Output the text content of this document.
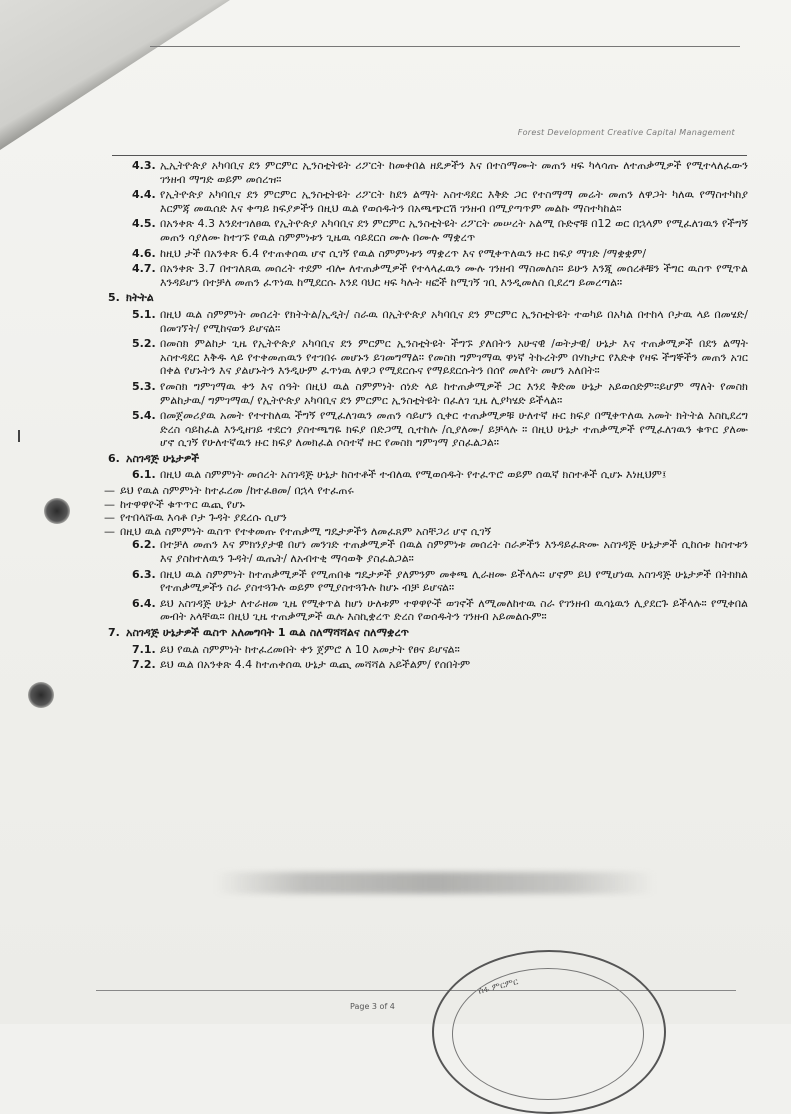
Forest Development Creative Capital Management
4.3. ኢኢትዮጵያ አካባቢና ደን ምርምር ኢንስቲትዩት ሪፖርት ከመቀበል ዘዴዎችን እና በተስማሙት መጠን ዛፍ ካላሳጡ ለተጠቃሚዎች የሚተላለፈውን ገንዘብ ማግድ ወይም መሰረዝ።
4.4. የኢትዮጵያ አካባቢና ደን ምርምር ኢንስቲትዩት ሪፖርት ከደን ልማት አስተዳደር እቅድ ጋር የተስማማ መሬት መጠን ለዋጋት ካለዉ የማስተካከያ እርምጃ መዉሰድ እና ቀጣይ ክፍያዎችን በዚህ ዉል የወሰዱትን በአጫጭርሽ ገንዘብ በሚያጣጥም መልኩ ማስተካከል።
4.5. በአንቀጽ 4.3 እንደተገለፀዉ የኢትዮጵያ አካባቢና ደን ምርምር ኢንስቲትዩት ሪፖርት መሠረት አልሚ ቡድኖቹ በ12 ወር በኋላም የሚፈለገዉን የችግኝ መጠን ሳያለሙ ከተገኙ የዉል ስምምነቱን ጊዜዉ ሳይደርስ ሙሉ በሙሉ ማቋረጥ
4.6. ከዚህ ታች በአንቀጽ 6.4 የተጠቀሰዉ ሆኖ ሲገኝ የዉል ስምምነቱን ማቋረጥ እና የሚቀጥለዉን ዙር ክፍያ ማገድ /ማቋቋም/
4.7. በአንቀጽ 3.7 በተገለጸዉ መሰረት ተደም ብሎ ለተጠቃሚዎች የተላላፈዉን ሙሉ ገንዘብ ማስመለስ። ይሁን እንጂ መሰረቶቹን ችግር ዉስጥ የሚጥል እንዳይሆን በተቻለ መጠን ፈጥነዉ ከሚደርሱ እንደ ባህር ዛፍ ካሉት ዛፎች ከሚገኝ ገቢ እንዲመለስ ቢደረግ ይመረጣል።
5. ክትትል
5.1. በዚህ ዉል ስምምነት መሰረት የክትትል/ኢዲት/ ስራዉ በኢትዮጵያ አካባቢና ደን ምርምር ኢንስቲትዩት ተወካይ በአካል በተከላ ቦታዉ ላይ በመሄድ/ በመገኘት/ የሚከናወን ይሆናል።
5.2. በመስክ ምልከታ ጊዜ የኢትዮጵያ አካባቢና ደን ምርምር ኢንስቲትዩት ችግኙ ያለበትን አሁናዊ /ወትታዊ/ ሁኔታ እና ተጠቃሚዎች በደን ልማት አስተዳደር እቅዱ ላይ የተቀመጠዉን የተገበሩ መሆኑን ይገመግማል። የመስክ ግምገማዉ ዋነኛ ትኩረትም በሃክታር የእድቀ የዛፍ ችግኞችን መጠን አገር በቀል የሆኑትን እና ያልሆኑትን እንዲሁም ፈጥነዉ ለዋጋ የሚደርሱና የማይደርሱትን በሰየ መለየት መሆን አለበት።
5.3. የመስክ ግምገማዉ ቀን እና ሰዓት በዚህ ዉል ስምምነት ሰነድ ላይ ከተጠቃሚዎች ጋር እንደ ቅድመ ሁኔታ አይወሰድም።ይሆም ማለት የመስክ ምልከታዉ/ ግምገማዉ/ የኢትዮጵያ አካባቢና ደን ምርምር ኢንስቲትዩት በፈለገ ጊዜ ሊያካሄድ ይችላል።
5.4. በመጀመሪያዉ አመት የተተከለዉ ችግኝ የሚፈለገዉን መጠን ሳይሆን ሲቀር ተጠቃሚዎቹ ሁለተኛ ዙር ክፍያ በሚቀጥለዉ አመት ክትትል እስኪደረግ ድረስ ሳይከፈል እንዲዘገይ ተደርጎ ያስተጫግዬ ክፍያ በድጋሚ ሲተከሉ /ሲያለሙ/ ይቻላሉ ። በዚህ ሁኔታ ተጠቃሚዎች የሚፈለገዉን ቁጥር ያለሙ ሆኖ ሲገኝ የሁለተኛዉን ዙር ክፍያ ለመክፈል ሶስተኛ ዙር የመስክ ግምገማ ያስፈልጋል።
6. አስገዳጅ ሁኔታዎች
6.1. በዚህ ዉል ስምምነት መሰረት አስገዳጅ ሁኔታ ከስተቶች ተብለዉ የሚወሰዱት የተፈጥሮ ወይም ሰዉኛ ክስተቶች ሲሆኑ እነዚህም፤
— ይህ የዉል ስምምነት ከተፈረመ /ከተፈፀመ/ በኋላ የተፈጠሩ
— ከተዋዋዮች ቁጥጥር ዉጪ የሆኑ
— የተበላሹዉ እሳቶ ቦታ ጉዳት ያደረሱ ሲሆን
— በዚህ ዉል ስምምነት ዉስጥ የተቀመጡ የተጠቃሚ ግዴታዎችን ለመፈጸም አስቸጋሪ ሆኖ ሲገኝ
6.2. በተቻለ መጠን እና ምክንያታዊ በሆነ መንገድ ተጠቃሚዎች በዉል ስምምነቱ መሰረት ስራዎችን እንዳይፈጽሙ አስገዳጅ ሁኔታዎች ሲከሰቱ ከስተቱን እና ያስከተለዉን ጉዳት/ ዉጤት/ ለአብተቂ ማሳወቅ ያስፈልጋል።
6.3. በዚህ ዉል ስምምነት ከተጠቃሚዎች የሚጠበቁ ግዴታዎች ያለምንም መቀጫ ሊራዘሙ ይችላሉ። ሆኖም ይህ የሚሆነዉ አስገዳጅ ሁኔታዎች በትክክል የተጠቃሚዎችን ስራ ያስተጓጉሉ ወይም የሚያስተጓጉሉ ከሆኑ ብቻ ይሆናል።
6.4. ይህ አስገዳጅ ሁኔታ ለተራዘመ ጊዜ የሚቀጥል ከሆነ ሁለቱም ተዋዋዮች ወገኖች ለሚመለከተዉ ስራ የገንዘብ ዉሳኔዉን ሊያደርጉ ይችላሉ። የሚቀበል መብት አላቸዉ። በዚህ ጊዜ ተጠቃሚዎች ዉሉ እስኪቋረጥ ድረስ የወሰዱትን ገንዘብ አይመልሱም።
7. አስገዳጅ ሁኔታዎች ዉስጥ አለመግባት 1 ዉል ስለማሻሻልና ስለማቋረጥ
7.1. ይህ የዉል ስምምነት ከተፈረመበት ቀን ጀምሮ ለ 10 አመታት የፀና ይሆናል።
7.2. ይህ ዉል በአንቀጽ 4.4 ከተጠቀሰዉ ሁኔታ ዉጪ መሻሻል አይችልም/ የሰበትም
Page 3 of 4
ሰፋ ምርምር
